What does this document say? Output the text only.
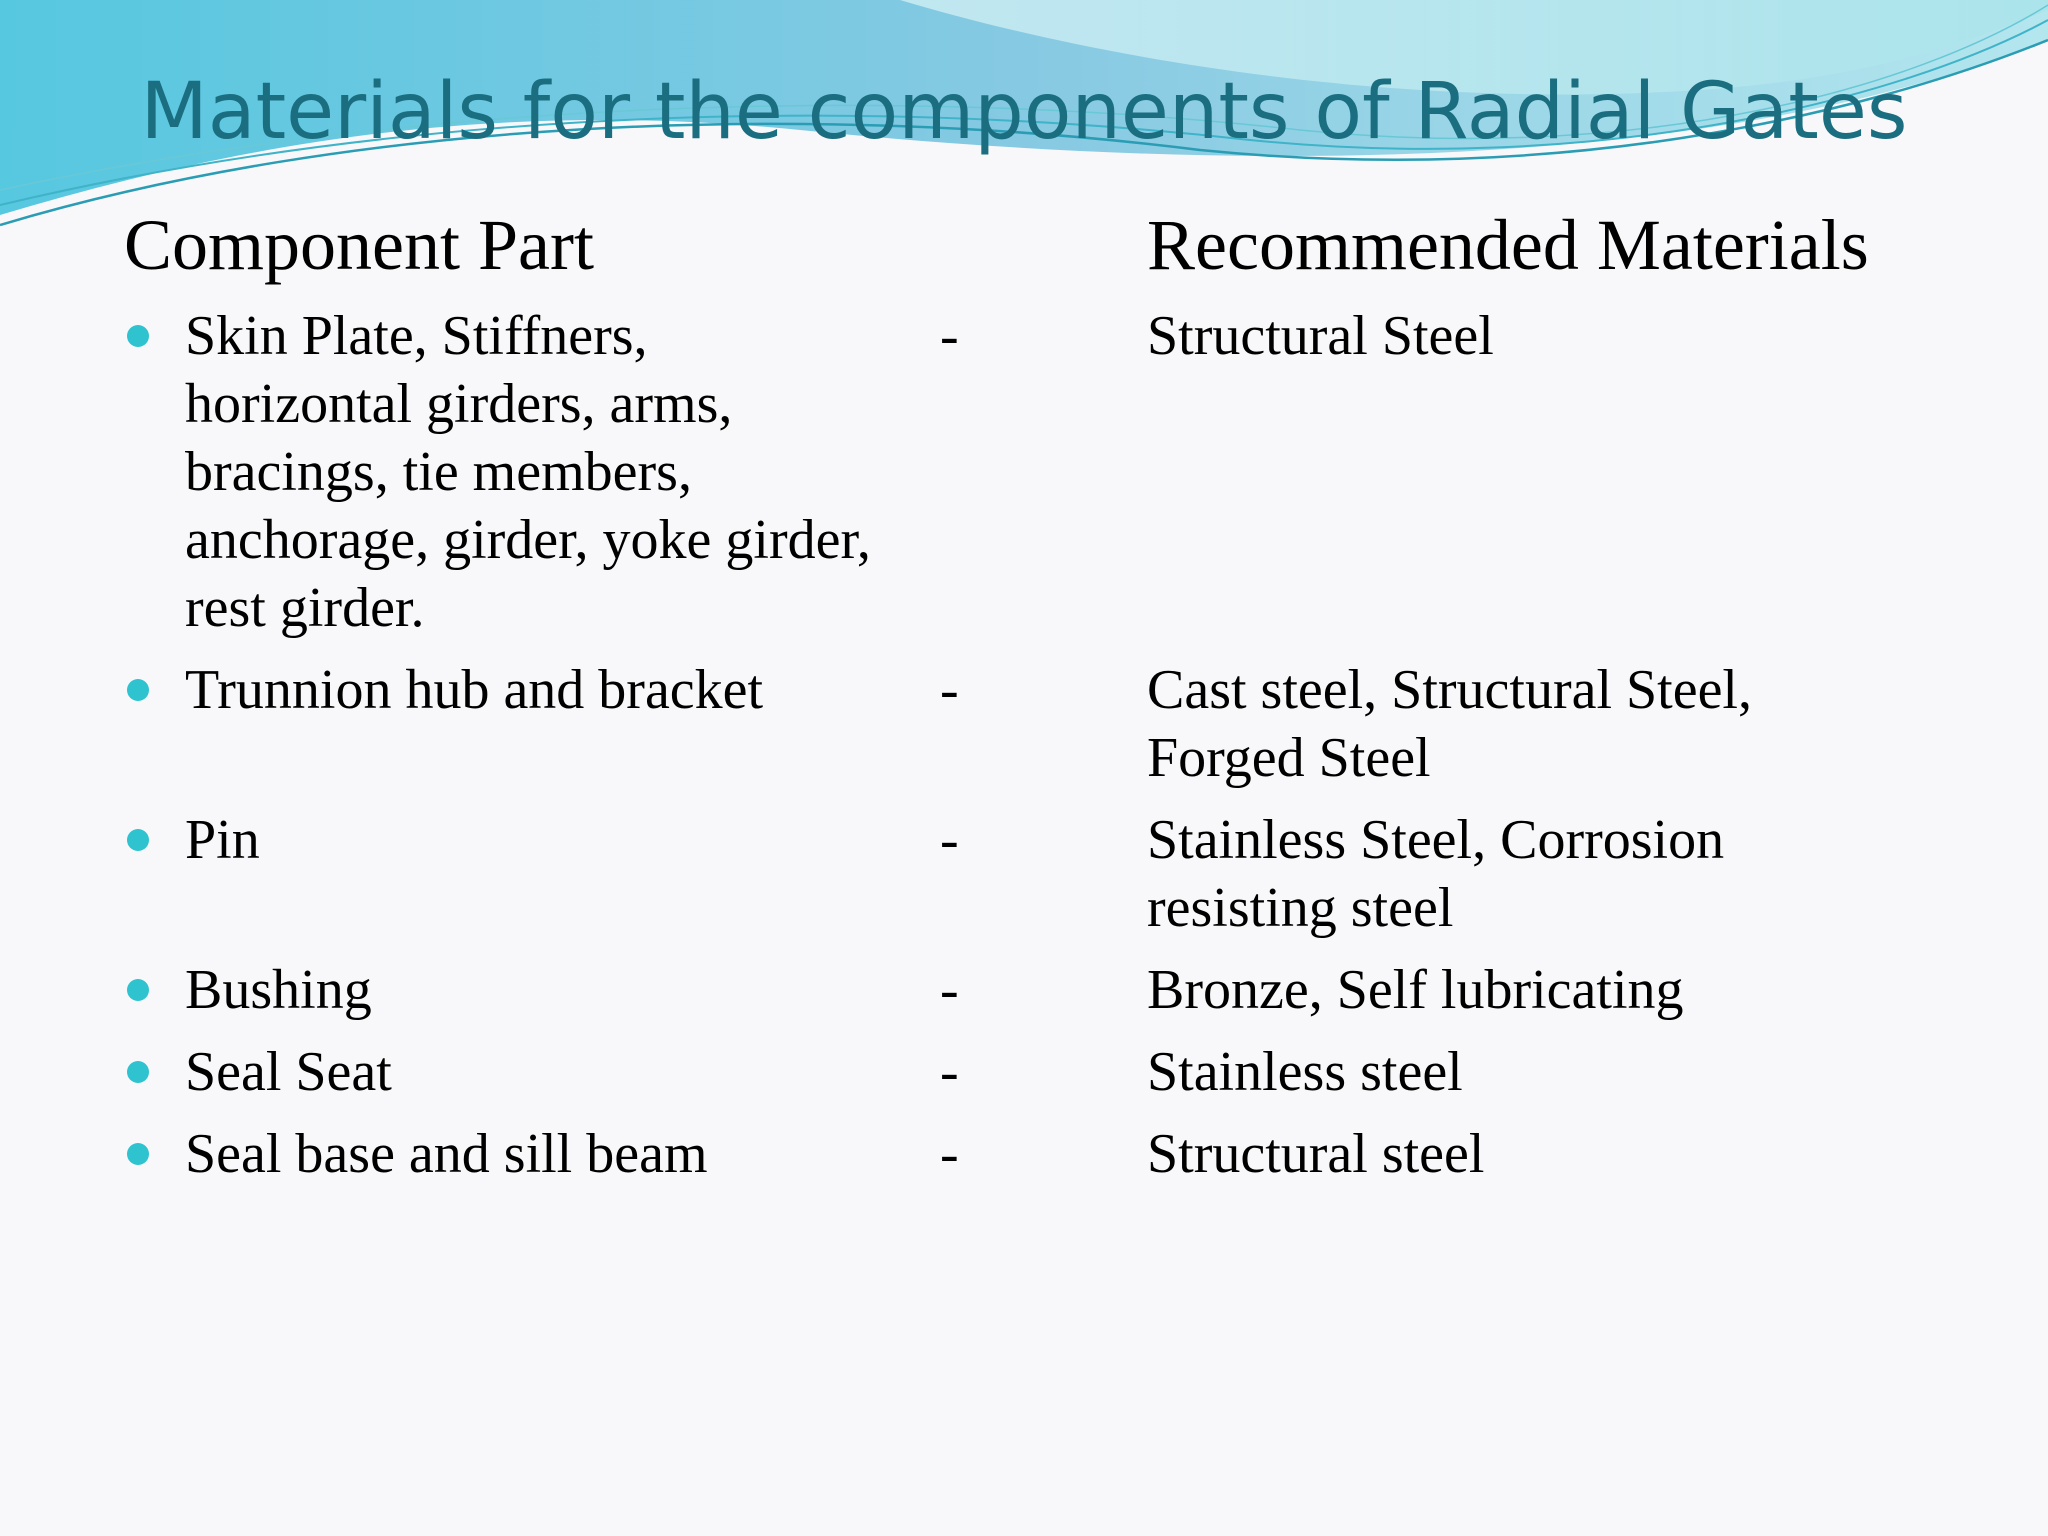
Materials for the components of Radial Gates
Component Part	Recommended Materials
Skin Plate, Stiffners,
horizontal girders, arms,
bracings, tie members,
anchorage, girder, yoke girder,
rest girder.
-	Structural Steel
Trunnion hub and bracket	-	Cast steel, Structural Steel,
Forged Steel
Pin	-	Stainless Steel, Corrosion
resisting steel
Bushing	-	Bronze, Self lubricating
Seal Seat	-	Stainless steel
Seal base and sill beam	-	Structural steel
